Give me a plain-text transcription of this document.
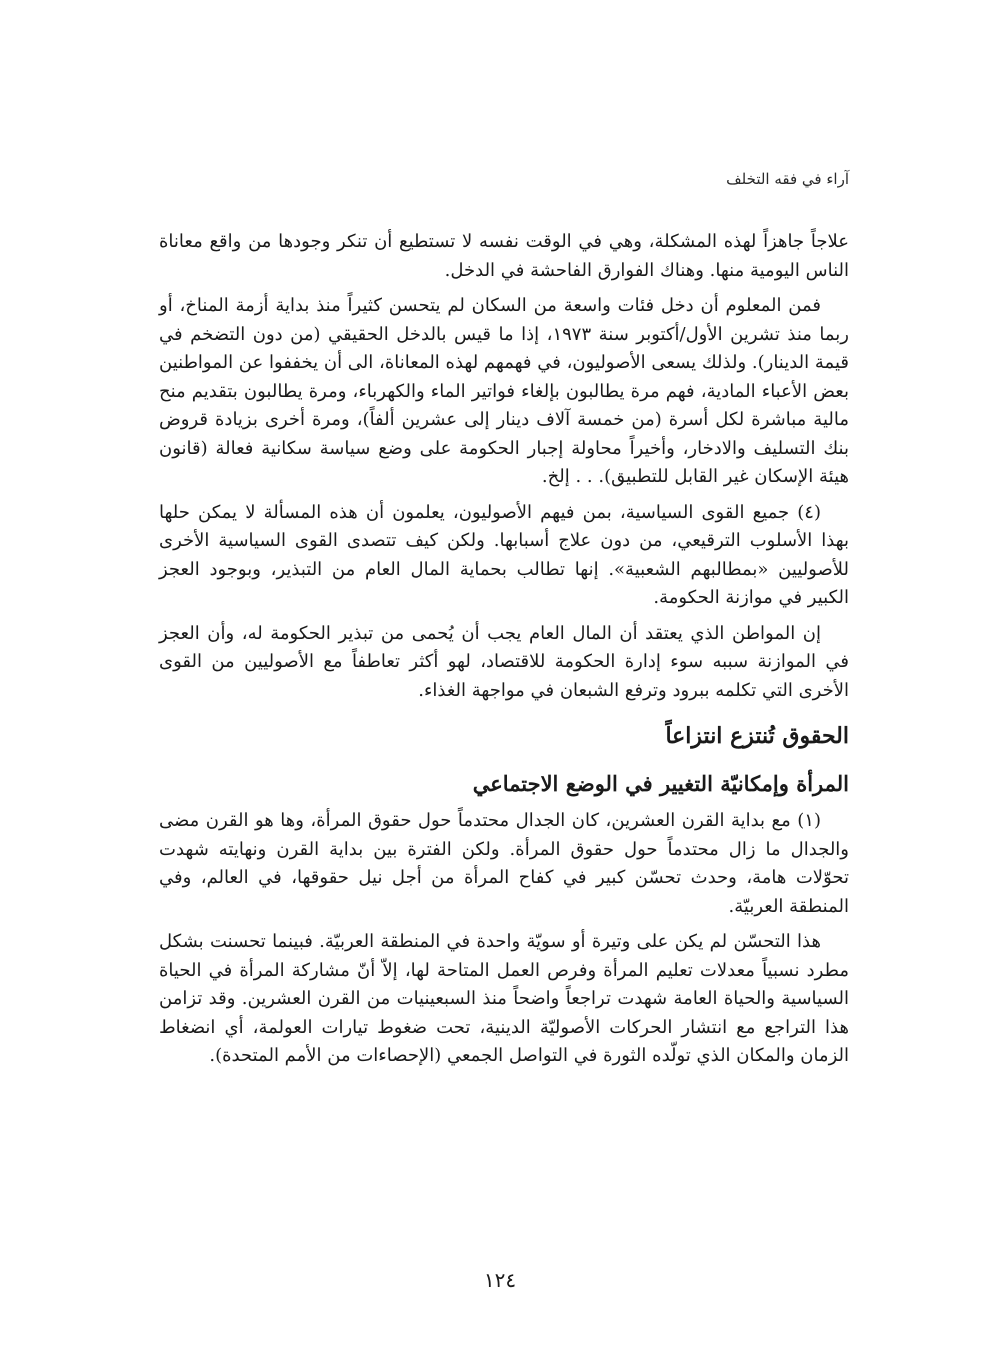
آراء في فقه التخلف

علاجاً جاهزاً لهذه المشكلة، وهي في الوقت نفسه لا تستطيع أن تنكر وجودها من واقع معاناة الناس اليومية منها. وهناك الفوارق الفاحشة في الدخل.

فمن المعلوم أن دخل فئات واسعة من السكان لم يتحسن كثيراً منذ بداية أزمة المناخ، أو ربما منذ تشرين الأول/أكتوبر سنة ١٩٧٣، إذا ما قيس بالدخل الحقيقي (من دون التضخم في قيمة الدينار). ولذلك يسعى الأصوليون، في فهمهم لهذه المعاناة، الى أن يخففوا عن المواطنين بعض الأعباء المادية، فهم مرة يطالبون بإلغاء فواتير الماء والكهرباء، ومرة يطالبون بتقديم منح مالية مباشرة لكل أسرة (من خمسة آلاف دينار إلى عشرين ألفاً)، ومرة أخرى بزيادة قروض بنك التسليف والادخار، وأخيراً محاولة إجبار الحكومة على وضع سياسة سكانية فعالة (قانون هيئة الإسكان غير القابل للتطبيق). . . إلخ.

(٤) جميع القوى السياسية، بمن فيهم الأصوليون، يعلمون أن هذه المسألة لا يمكن حلها بهذا الأسلوب الترقيعي، من دون علاج أسبابها. ولكن كيف تتصدى القوى السياسية الأخرى للأصوليين «بمطالبهم الشعبية». إنها تطالب بحماية المال العام من التبذير، وبوجود العجز الكبير في موازنة الحكومة.

إن المواطن الذي يعتقد أن المال العام يجب أن يُحمى من تبذير الحكومة له، وأن العجز في الموازنة سببه سوء إدارة الحكومة للاقتصاد، لهو أكثر تعاطفاً مع الأصوليين من القوى الأخرى التي تكلمه ببرود وترفع الشبعان في مواجهة الغذاء.

الحقوق تُنتزع انتزاعاً
المرأة وإمكانيّة التغيير في الوضع الاجتماعي

(١) مع بداية القرن العشرين، كان الجدال محتدماً حول حقوق المرأة، وها هو القرن مضى والجدال ما زال محتدماً حول حقوق المرأة. ولكن الفترة بين بداية القرن ونهايته شهدت تحوّلات هامة، وحدث تحسّن كبير في كفاح المرأة من أجل نيل حقوقها، في العالم، وفي المنطقة العربيّة.

هذا التحسّن لم يكن على وتيرة أو سويّة واحدة في المنطقة العربيّة. فبينما تحسنت بشكل مطرد نسبياً معدلات تعليم المرأة وفرص العمل المتاحة لها، إلاّ أنّ مشاركة المرأة في الحياة السياسية والحياة العامة شهدت تراجعاً واضحاً منذ السبعينيات من القرن العشرين. وقد تزامن هذا التراجع مع انتشار الحركات الأصوليّة الدينية، تحت ضغوط تيارات العولمة، أي انضغاط الزمان والمكان الذي تولّده الثورة في التواصل الجمعي (الإحصاءات من الأمم المتحدة).

١٢٤
